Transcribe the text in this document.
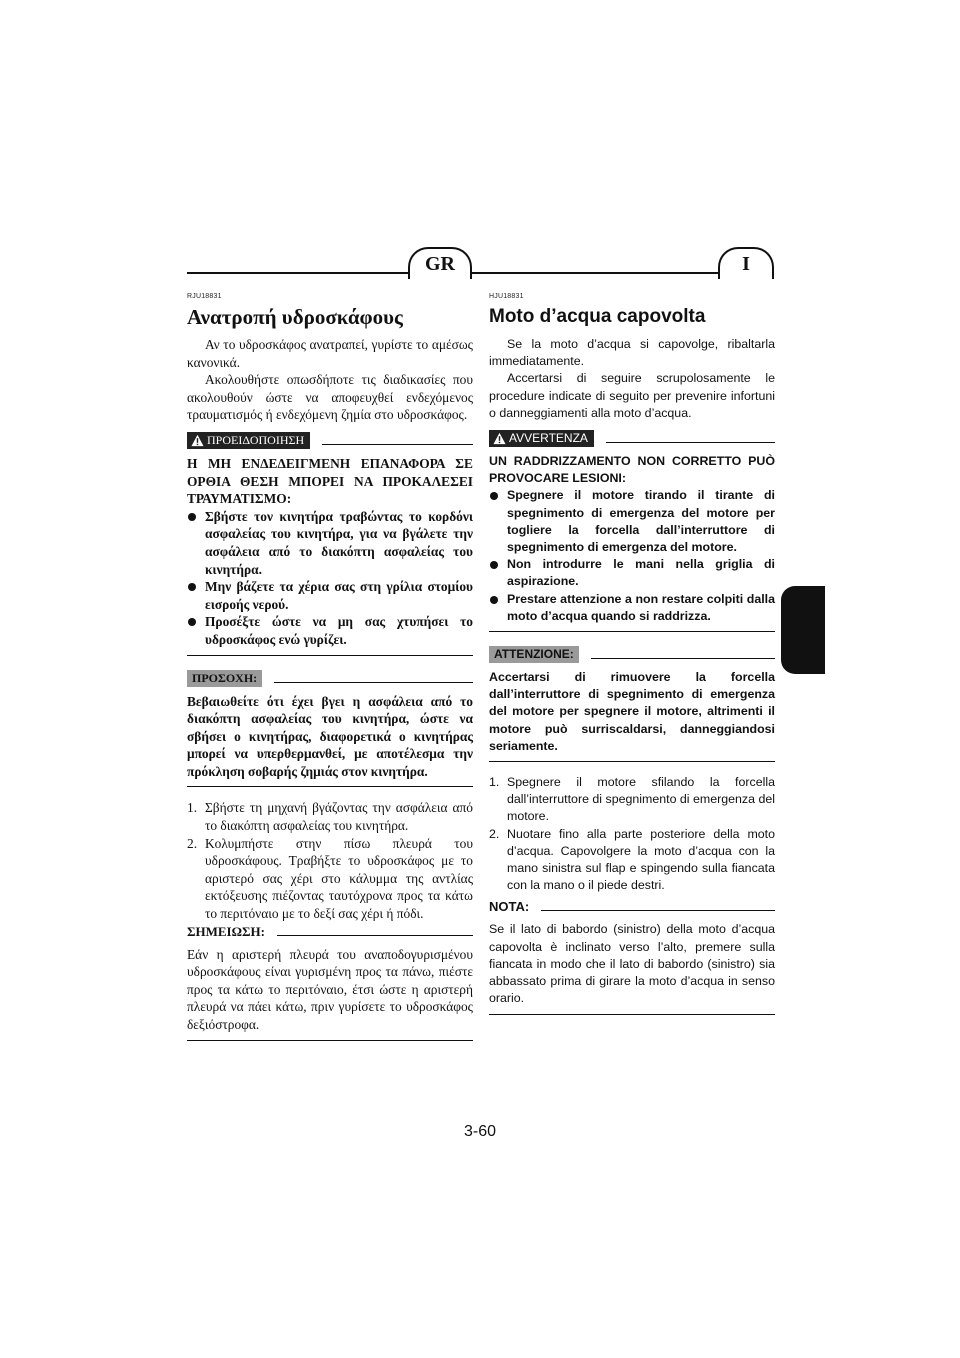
GR	I
RJU18831
Ανατροπή υδροσκάφους

Αν το υδροσκάφος ανατραπεί, γυρίστε το αμέσως κανονικά.

Ακολουθήστε οπωσδήποτε τις διαδικασίες που ακολουθούν ώστε να αποφευχθεί ενδεχόμενος τραυματισμός ή ενδεχόμενη ζημία στο υδροσκάφος.

ΠΡΟΕΙΔΟΠΟΙΗΣΗ

Η ΜΗ ΕΝΔΕΔΕΙΓΜΕΝΗ ΕΠΑΝΑΦΟΡΑ ΣΕ ΟΡΘΙΑ ΘΕΣΗ ΜΠΟΡΕΙ ΝΑ ΠΡΟΚΑΛΕΣΕΙ ΤΡΑΥΜΑΤΙΣΜΟ:

Σβήστε τον κινητήρα τραβώντας το κορδόνι ασφαλείας του κινητήρα, για να βγάλετε την ασφάλεια από το διακόπτη ασφαλείας του κινητήρα.
Μην βάζετε τα χέρια σας στη γρίλια στομίου εισροής νερού.
Προσέξτε ώστε να μη σας χτυπήσει το υδροσκάφος ενώ γυρίζει.
ΠΡΟΣΟΧΗ:

Βεβαιωθείτε ότι έχει βγει η ασφάλεια από το διακόπτη ασφαλείας του κινητήρα, ώστε να σβήσει ο κινητήρας, διαφορετικά ο κινητήρας μπορεί να υπερθερμανθεί, με αποτέλεσμα την πρόκληση σοβαρής ζημιάς στον κινητήρα.

1. Σβήστε τη μηχανή βγάζοντας την ασφάλεια από το διακόπτη ασφαλείας του κινητήρα.
2. Κολυμπήστε στην πίσω πλευρά του υδροσκάφους. Τραβήξτε το υδροσκάφος με το αριστερό σας χέρι στο κάλυμμα της αντλίας εκτόξευσης πιέζοντας ταυτόχρονα προς τα κάτω το περιτόναιο με το δεξί σας χέρι ή πόδι.
ΣΗΜΕΙΩΣΗ:

Εάν η αριστερή πλευρά του αναποδογυρισμένου υδροσκάφους είναι γυρισμένη προς τα πάνω, πιέστε προς τα κάτω το περιτόναιο, έτσι ώστε η αριστερή πλευρά να πάει κάτω, πριν γυρίσετε το υδροσκάφος δεξιόστροφα.

HJU18831
Moto d’acqua capovolta

Se la moto d’acqua si capovolge, ribaltarla immediatamente.

Accertarsi di seguire scrupolosamente le procedure indicate di seguito per prevenire infortuni o danneggiamenti alla moto d’acqua.

AVVERTENZA

UN RADDRIZZAMENTO NON CORRETTO PUÒ PROVOCARE LESIONI:

Spegnere il motore tirando il tirante di spegnimento di emergenza del motore per togliere la forcella dall’interruttore di spegnimento di emergenza del motore.
Non introdurre le mani nella griglia di aspirazione.
Prestare attenzione a non restare colpiti dalla moto d’acqua quando si raddrizza.
ATTENZIONE:

Accertarsi di rimuovere la forcella dall’interruttore di spegnimento di emergenza del motore per spegnere il motore, altrimenti il motore può surriscaldarsi, danneggiandosi seriamente.

1. Spegnere il motore sfilando la forcella dall’interruttore di spegnimento di emergenza del motore.
2. Nuotare fino alla parte posteriore della moto d’acqua. Capovolgere la moto d’acqua con la mano sinistra sul flap e spingendo sulla fiancata con la mano o il piede destri.
NOTA:

Se il lato di babordo (sinistro) della moto d’acqua capovolta è inclinato verso l’alto, premere sulla fiancata in modo che il lato di babordo (sinistro) sia abbassato prima di girare la moto d’acqua in senso orario.

3-60
